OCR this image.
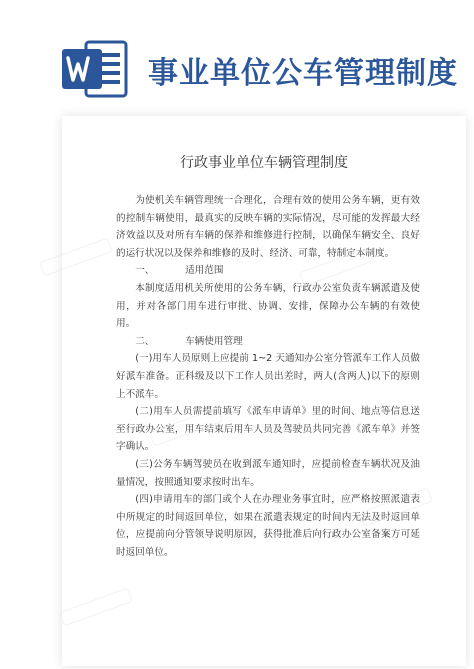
事业单位公车管理制度
行政事业单位车辆管理制度

为使机关车辆管理统一合理化，合理有效的使用公务车辆，更有效的控制车辆使用，最真实的反映车辆的实际情况，尽可能的发挥最大经济效益以及对所有车辆的保养和维修进行控制，以确保车辆安全、良好的运行状况以及保养和维修的及时、经济、可靠，特制定本制度。

一、	适用范围

本制度适用机关所使用的公务车辆，行政办公室负责车辆派遣及使用，并对各部门用车进行审批、协调、安排，保障办公车辆的有效使用。

二、	车辆使用管理

(一)用车人员原则上应提前 1~2 天通知办公室分管派车工作人员做好派车准备。正科级及以下工作人员出差时，两人(含两人)以下的原则上不派车。

(二)用车人员需提前填写《派车申请单》里的时间、地点等信息送至行政办公室，用车结束后用车人员及驾驶员共同完善《派车单》并签字确认。

(三)公务车辆驾驶员在收到派车通知时，应提前检查车辆状况及油量情况，按照通知要求按时出车。

(四)申请用车的部门或个人在办理业务事宜时，应严格按照派遣表中所规定的时间返回单位，如果在派遣表规定的时间内无法及时返回单位，应提前向分管领导说明原因，获得批准后向行政办公室备案方可延时返回单位。
